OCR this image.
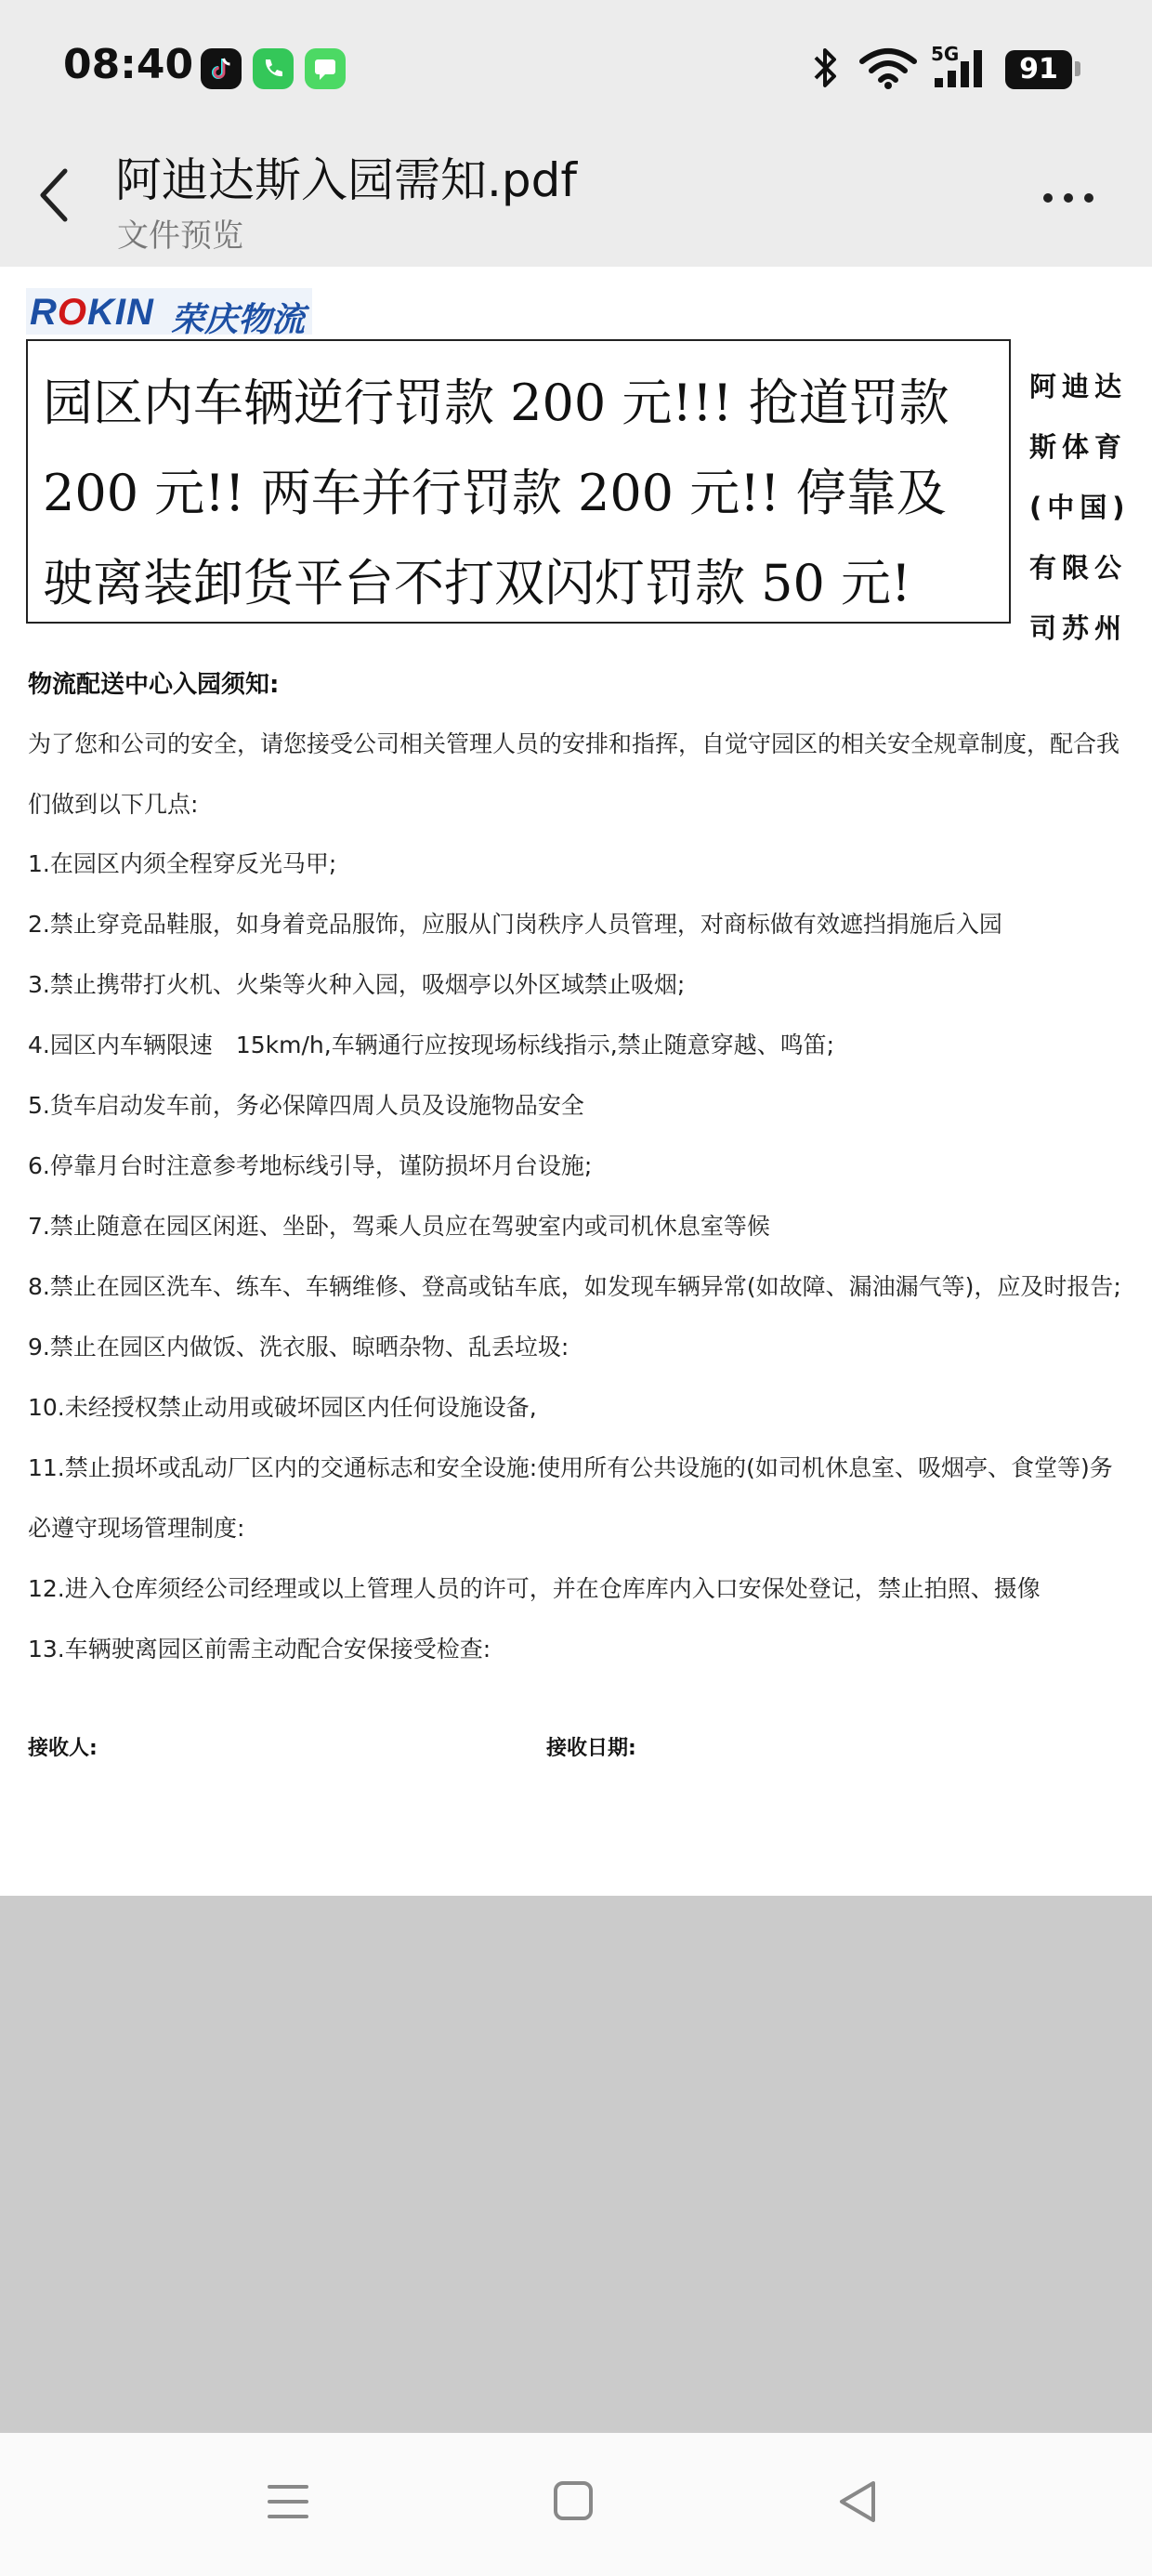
08:40	5G	91
阿迪达斯入园需知.pdf
文件预览
ROKIN 荣庆物流
园区内车辆逆行罚款 200 元!!! 抢道罚款 200 元!! 两车并行罚款 200 元!! 停靠及驶离装卸货平台不打双闪灯罚款 50 元!
阿迪达
斯体育
(中国)
有限公
司苏州
物流配送中心入园须知:
为了您和公司的安全，请您接受公司相关管理人员的安排和指挥，自觉守园区的相关安全规章制度，配合我们做到以下几点:
1.在园区内须全程穿反光马甲;
2.禁止穿竞品鞋服，如身着竞品服饰，应服从门岗秩序人员管理，对商标做有效遮挡捐施后入园
3.禁止携带打火机、火柴等火种入园，吸烟亭以外区域禁止吸烟;
4.园区内车辆限速　15km/h,车辆通行应按现场标线指示,禁止随意穿越、鸣笛;
5.货车启动发车前，务必保障四周人员及设施物品安全
6.停靠月台时注意参考地标线引导，谨防损坏月台设施;
7.禁止随意在园区闲逛、坐卧，驾乘人员应在驾驶室内或司机休息室等候
8.禁止在园区洗车、练车、车辆维修、登高或钻车底，如发现车辆异常(如故障、漏油漏气等)，应及时报告;
9.禁止在园区内做饭、洗衣服、晾晒杂物、乱丢垃圾:
10.未经授权禁止动用或破坏园区内任何设施设备,
11.禁止损坏或乱动厂区内的交通标志和安全设施:使用所有公共设施的(如司机休息室、吸烟亭、食堂等)务必遵守现场管理制度:
12.进入仓库须经公司经理或以上管理人员的许可，并在仓库库内入口安保处登记，禁止拍照、摄像
13.车辆驶离园区前需主动配合安保接受检查:
接收人:	接收日期:
